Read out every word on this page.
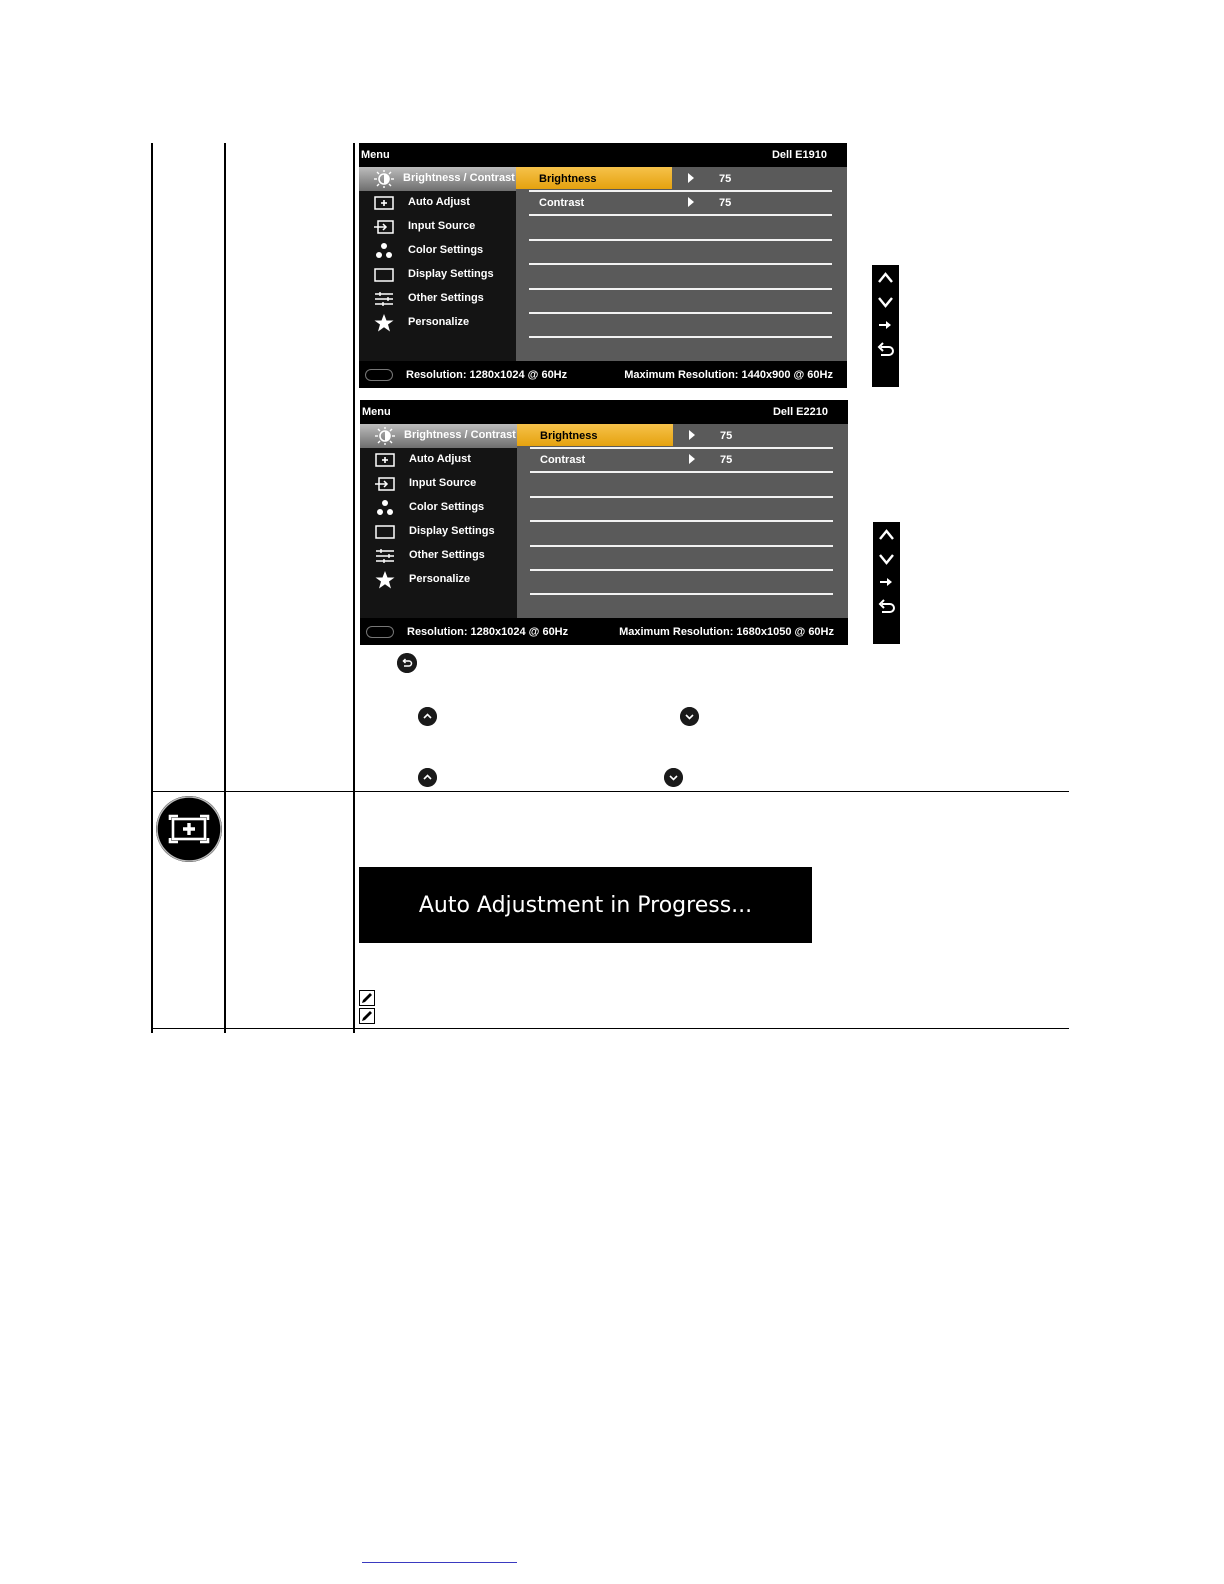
Menu	Dell E1910
Brightness / Contrast
Auto Adjust
Input Source
Color Settings
Display Settings
Other Settings
Personalize
Brightness	75
Contrast	75
Resolution: 1280x1024 @ 60Hz	Maximum Resolution: 1440x900 @ 60Hz
Menu	Dell E2210
Brightness / Contrast
Auto Adjust
Input Source
Color Settings
Display Settings
Other Settings
Personalize
Brightness	75
Contrast	75
Resolution: 1280x1024 @ 60Hz	Maximum Resolution: 1680x1050 @ 60Hz
Auto Adjustment in Progress...
